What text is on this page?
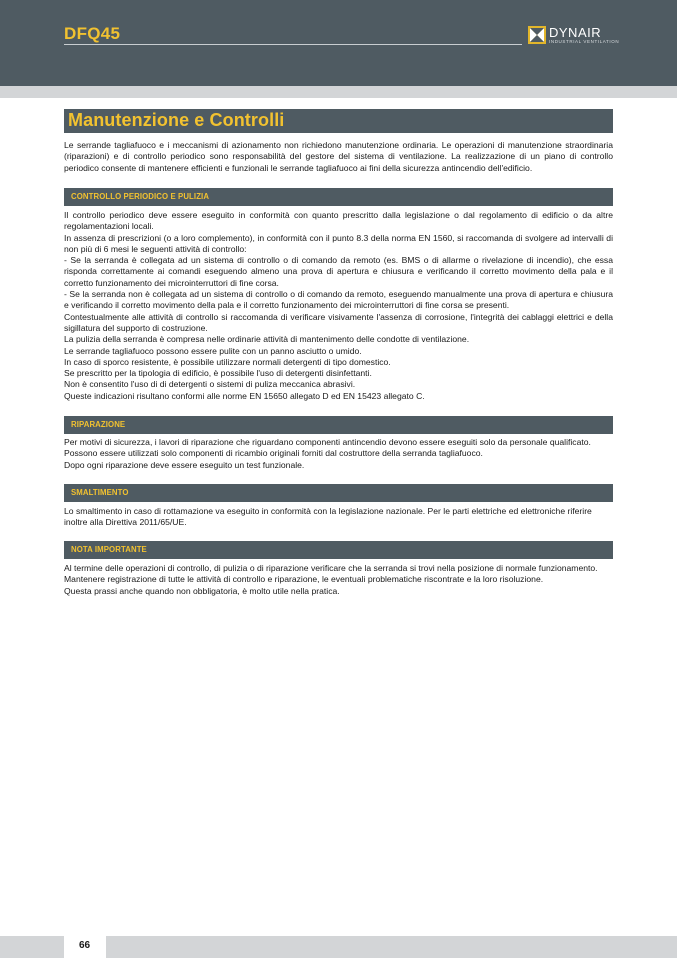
DFQ45	DYNAIR
INDUSTRIAL VENTILATION
Manutenzione e Controlli

Le serrande tagliafuoco e i meccanismi di azionamento non richiedono manutenzione ordinaria. Le operazioni di manutenzione straordinaria (riparazioni) e di controllo periodico sono responsabilità del gestore del sistema di ventilazione. La realizzazione di un piano di controllo periodico consente di mantenere efficienti e funzionali le serrande tagliafuoco ai fini della sicurezza antincendio dell'edificio.

CONTROLLO PERIODICO E PULIZIA

Il controllo periodico deve essere eseguito in conformità con quanto prescritto dalla legislazione o dal regolamento di edificio o da altre regolamentazioni locali.

In assenza di prescrizioni (o a loro complemento), in conformità con il punto 8.3 della norma EN 1560, si raccomanda di svolgere ad intervalli di non più di 6 mesi le seguenti attività di controllo:

- Se la serranda è collegata ad un sistema di controllo o di comando da remoto (es. BMS o di allarme o rivelazione di incendio), che essa risponda correttamente ai comandi eseguendo almeno una prova di apertura e chiusura e verificando il corretto movimento della pala e il corretto funzionamento dei microinterruttori di fine corsa.

- Se la serranda non è collegata ad un sistema di controllo o di comando da remoto, eseguendo manualmente una prova di apertura e chiusura e verificando il corretto movimento della pala e il corretto funzionamento dei microinterruttori di fine corsa se presenti.

Contestualmente alle attività di controllo si raccomanda di verificare visivamente l'assenza di corrosione, l'integrità dei cablaggi elettrici e della sigillatura del supporto di costruzione.

La pulizia della serranda è compresa nelle ordinarie attività di mantenimento delle condotte di ventilazione.

Le serrande tagliafuoco possono essere pulite con un panno asciutto o umido.

In caso di sporco resistente, è possibile utilizzare normali detergenti di tipo domestico.

Se prescritto per la tipologia di edificio, è possibile l'uso di detergenti disinfettanti.

Non è consentito l'uso di di detergenti o sistemi di puliza meccanica abrasivi.

Queste indicazioni risultano conformi alle norme EN 15650 allegato D ed EN 15423 allegato C.

RIPARAZIONE

Per motivi di sicurezza, i lavori di riparazione che riguardano componenti antincendio devono essere eseguiti solo da personale qualificato.

Possono essere utilizzati solo componenti di ricambio originali forniti dal costruttore della serranda tagliafuoco.

Dopo ogni riparazione deve essere eseguito un test funzionale.

SMALTIMENTO

Lo smaltimento in caso di rottamazione va eseguito in conformità con la legislazione nazionale. Per le parti elettriche ed elettroniche riferire inoltre alla Direttiva 2011/65/UE.

NOTA IMPORTANTE

Al termine delle operazioni di controllo, di pulizia o di riparazione verificare che la serranda si trovi nella posizione di normale funzionamento.

Mantenere registrazione di tutte le attività di controllo e riparazione, le eventuali problematiche riscontrate e la loro risoluzione.

Questa prassi anche quando non obbligatoria, è molto utile nella pratica.

66
